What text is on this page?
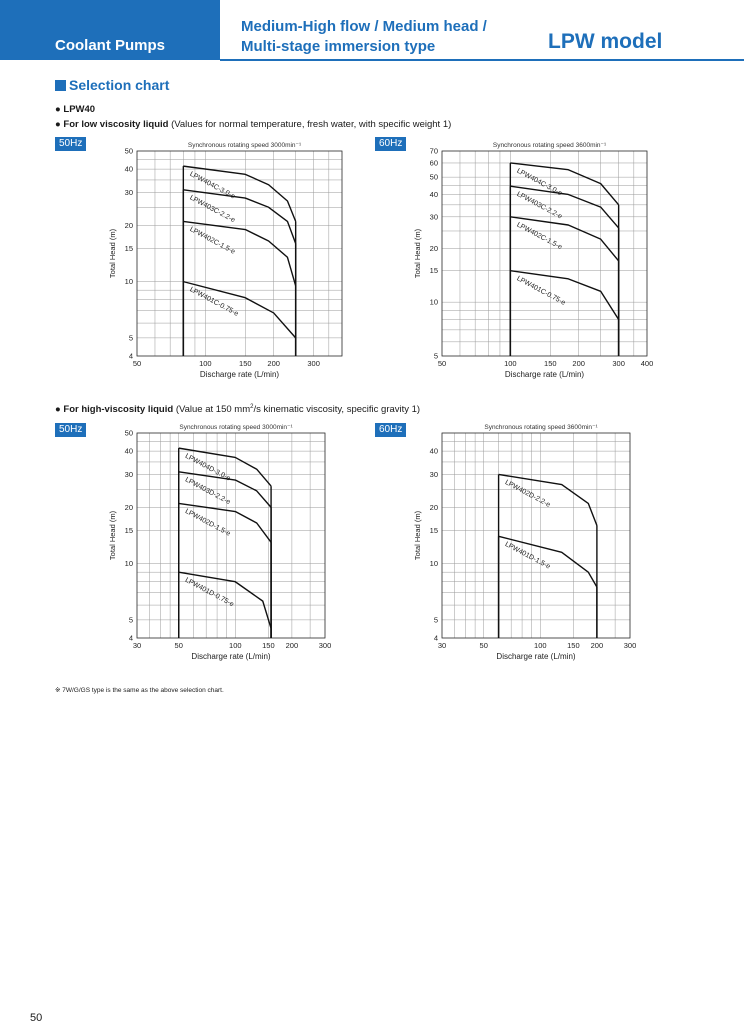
Coolant Pumps
Medium-High flow / Medium head /
Multi-stage immersion type	LPW model
Selection chart
● LPW40
● For low viscosity liquid (Values for normal temperature, fresh water, with specific weight 1)
● For high-viscosity liquid (Value at 150 $mm^2/s$ kinematic viscosity, specific gravity 1)
50Hz	60Hz
50Hz	60Hz
50	100	150 200	300
4
5
10
15
20
30
40
50
Synchronous rotating speed 3000min⁻¹
Discharge rate (L/min)
Total Head (m)
LPW404C-3.0-e
LPW403C-2.2-e
LPW402C-1.5-e
LPW401C-0.75-e
50	100	150 200	300 400
5
10
15
20
30
40
50
60
70
Synchronous rotating speed 3600min⁻¹
Discharge rate (L/min)
Total Head (m)
LPW404C-3.0-e
LPW403C-2.2-e
LPW402C-1.5-e
LPW401C-0.75-e
30	50	100	150 200	300
4
5
10
15
20
30
40
50
Synchronous rotating speed 3000min⁻¹
Discharge rate (L/min)
Total Head (m)
LPW404D-3.0-e
LPW403D-2.2-e
LPW402D-1.5-e
LPW401D-0.75-e
30	50	100	150 200	300
4
5
10
15
20
30
40
Synchronous rotating speed 3600min⁻¹
Discharge rate (L/min)
Total Head (m)
LPW402D-2.2-e
LPW401D-1.5-e
※ 7W/G/GS type is the same as the above selection chart.
50
